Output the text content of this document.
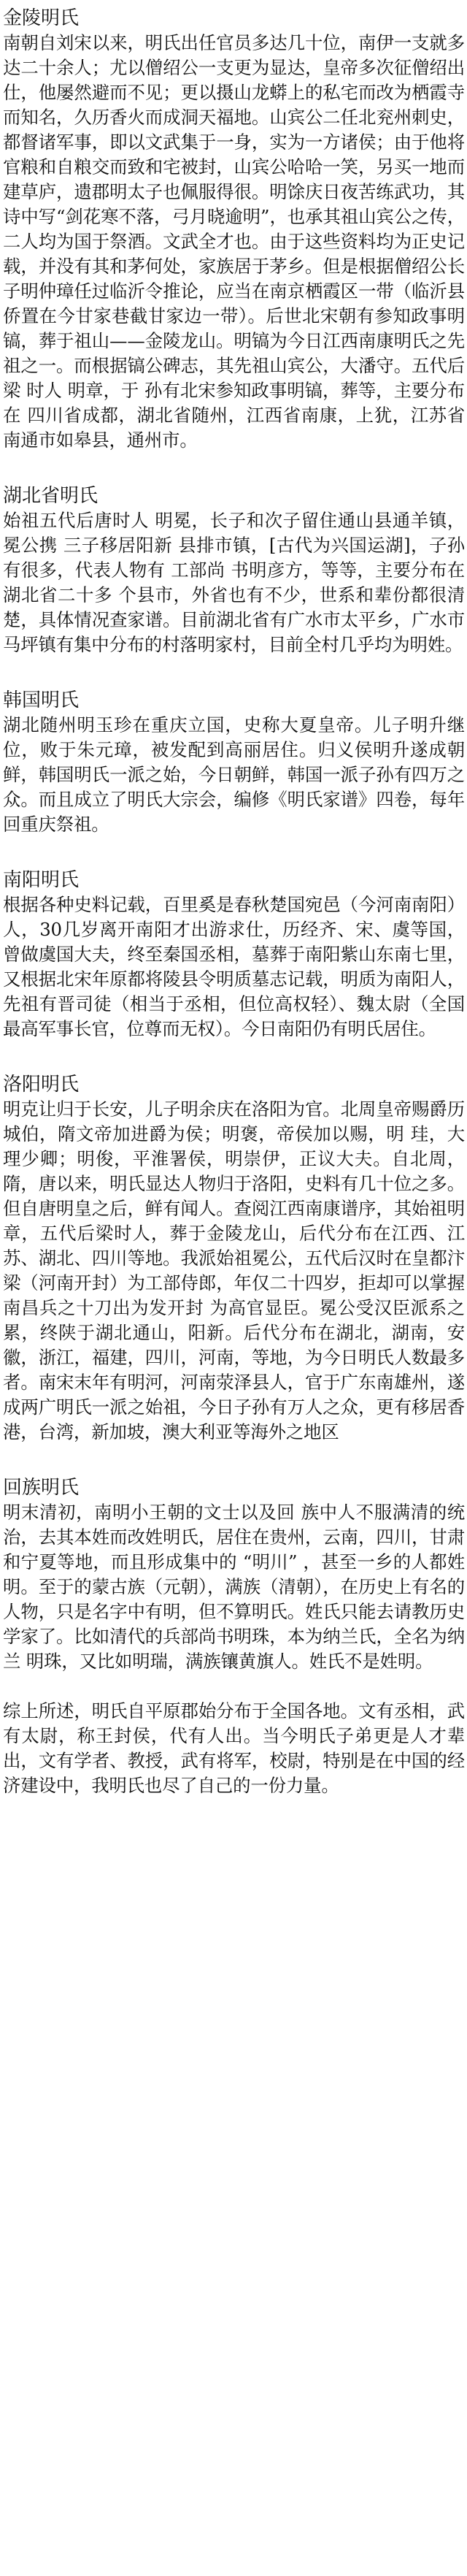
金陵明氏

南朝自刘宋以来，明氏出任官员多达几十位，南伊一支就多达二十余人；尤以僧绍公一支更为显达，皇帝多次征僧绍出仕，他屡然避而不见；更以摄山龙蟒上的私宅而改为栖霞寺而知名，久历香火而成洞天福地。山宾公二任北兖州刺史，都督诸军事，即以文武集于一身，实为一方诸侯；由于他将官粮和自粮交而致和宅被封，山宾公哈哈一笑，另买一地而建草庐，遗郡明太子也佩服得很。明馀庆日夜苦练武功，其诗中写“剑花寒不落，弓月晓逾明”，也承其祖山宾公之传，二人均为国于祭酒。文武全才也。由于这些资料均为正史记载，并没有其和茅何处，家族居于茅乡。但是根据僧绍公长子明仲璋任过临沂令推论，应当在南京栖霞区一带（临沂县侨置在今甘家巷截甘家边一带）。后世北宋朝有参知政事明镐，葬于祖山——金陵龙山。明镐为今日江西南康明氏之先祖之一。而根据镐公碑志，其先祖山宾公，大潘守。五代后梁 时人 明章，于 孙有北宋参知政事明镐，葬等，主要分布在 四川省成都，湖北省随州，江西省南康，上犹，江苏省 南通市如皋县，通州市。

湖北省明氏

始祖五代后唐时人 明冕，长子和次子留住通山县通羊镇，冕公携 三子移居阳新 县排市镇，[古代为兴国运湖]，子孙有很多，代表人物有 工部尚 书明彦方，等等，主要分布在湖北省二十多 个县市，外省也有不少，世系和辈份都很清楚，具体情况查家谱。目前湖北省有广水市太平乡，广水市马坪镇有集中分布的村落明家村，目前全村几乎均为明姓。

韩国明氏

湖北随州明玉珍在重庆立国，史称大夏皇帝。儿子明升继位，败于朱元璋，被发配到高丽居住。归义侯明升遂成朝鲜，韩国明氏一派之始，今日朝鲜，韩国一派子孙有四万之众。而且成立了明氏大宗会，编修《明氏家谱》四卷，每年回重庆祭祖。

南阳明氏

根据各种史料记载，百里奚是春秋楚国宛邑（今河南南阳）人，30几岁离开南阳才出游求仕，历经齐、宋、虞等国，曾做虞国大夫，终至秦国丞相，墓葬于南阳紫山东南七里，又根据北宋年原都将陵县令明质墓志记载，明质为南阳人，先祖有晋司徒（相当于丞相，但位高权轻）、魏太尉（全国最高军事长官，位尊而无权）。今日南阳仍有明氏居住。

洛阳明氏

明克让归于长安，儿子明余庆在洛阳为官。北周皇帝赐爵历城伯，隋文帝加进爵为侯；明褒，帝侯加以赐，明 珪，大理少卿；明俊，平淮署侯，明崇伊，正议大夫。自北周，隋，唐以来，明氏显达人物归于洛阳，史料有几十位之多。但自唐明皇之后，鲜有闻人。查阅江西南康谱序，其始祖明章，五代后梁时人，葬于金陵龙山，后代分布在江西、江苏、湖北、四川等地。我派始祖冕公，五代后汉时在皇都汴梁（河南开封）为工部侍郎，年仅二十四岁，拒却可以掌握南昌兵之十刀出为发开封 为高官显臣。冕公受汉臣派系之累，终陕于湖北通山，阳新。后代分布在湖北，湖南，安徽，浙江，福建，四川，河南，等地，为今日明氏人数最多者。南宋末年有明河，河南荥泽县人，官于广东南雄州，遂成两广明氏一派之始祖，今日子孙有万人之众，更有移居香港，台湾，新加坡，澳大利亚等海外之地区

回族明氏

明末清初，南明小王朝的文士以及回 族中人不服满清的统治，去其本姓而改姓明氏，居住在贵州，云南，四川，甘肃和宁夏等地，而且形成集中的 “明川” ，甚至一乡的人都姓明。至于的蒙古族（元朝），满族（清朝），在历史上有名的人物，只是名字中有明，但不算明氏。姓氏只能去请教历史学家了。比如清代的兵部尚书明珠，本为纳兰氏，全名为纳兰 明珠，又比如明瑞，满族镶黄旗人。姓氏不是姓明。

综上所述，明氏自平原郡始分布于全国各地。文有丞相，武有太尉，称王封侯，代有人出。当今明氏子弟更是人才辈出，文有学者、教授，武有将军，校尉，特别是在中国的经济建设中，我明氏也尽了自己的一份力量。
